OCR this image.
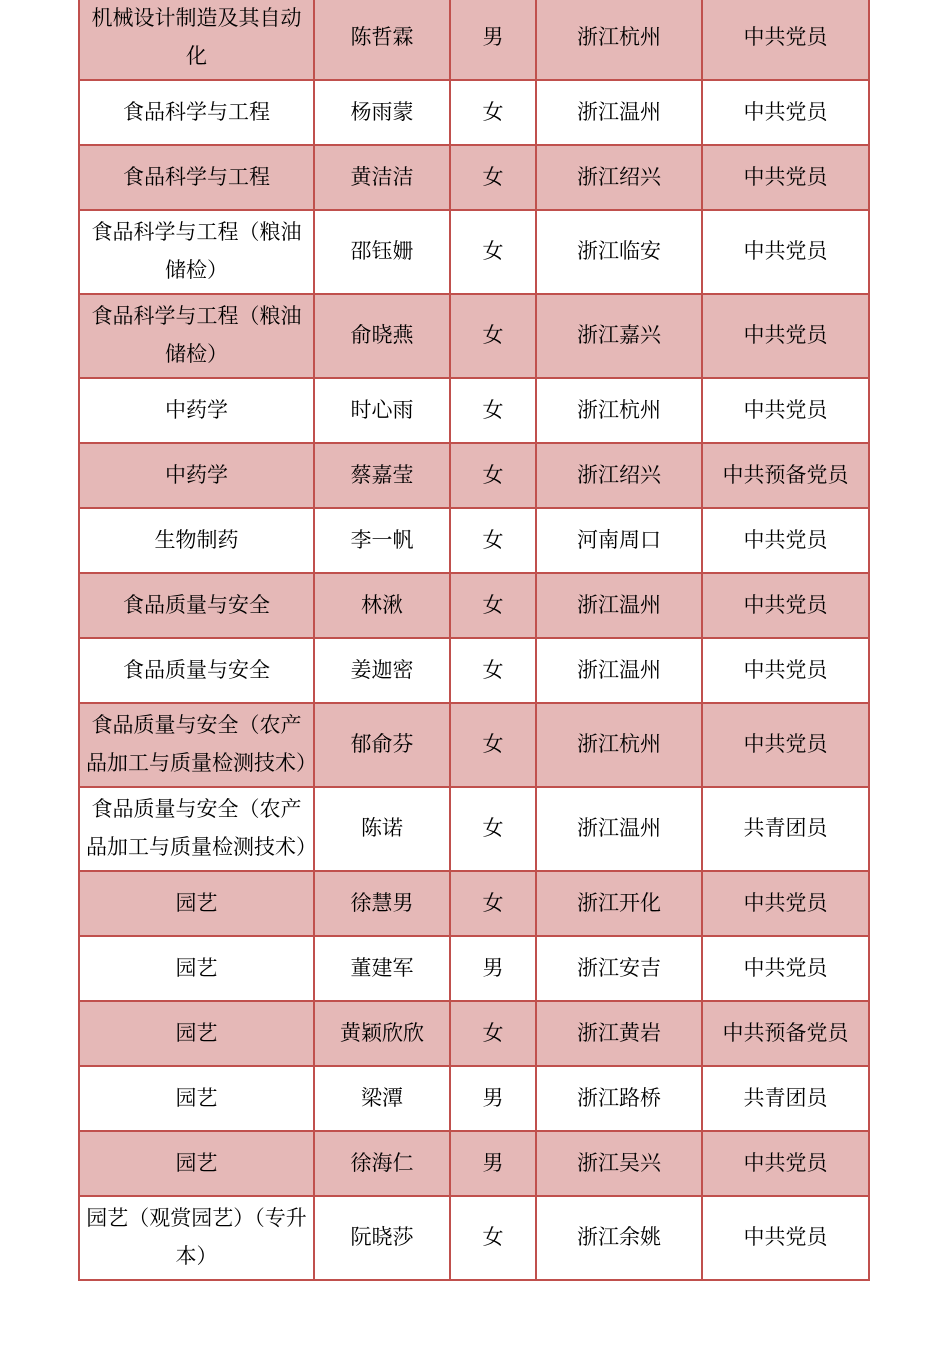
机械设计制造及其自动化	陈哲霖	男	浙江杭州	中共党员
食品科学与工程	杨雨蒙	女	浙江温州	中共党员
食品科学与工程	黄洁洁	女	浙江绍兴	中共党员
食品科学与工程（粮油储检）	邵钰姗	女	浙江临安	中共党员
食品科学与工程（粮油储检）	俞晓燕	女	浙江嘉兴	中共党员
中药学	时心雨	女	浙江杭州	中共党员
中药学	蔡嘉莹	女	浙江绍兴	中共预备党员
生物制药	李一帆	女	河南周口	中共党员
食品质量与安全	林湫	女	浙江温州	中共党员
食品质量与安全	姜迦密	女	浙江温州	中共党员
食品质量与安全（农产品加工与质量检测技术）	郁俞芬	女	浙江杭州	中共党员
食品质量与安全（农产品加工与质量检测技术）	陈诺	女	浙江温州	共青团员
园艺	徐慧男	女	浙江开化	中共党员
园艺	董建军	男	浙江安吉	中共党员
园艺	黄颖欣欣	女	浙江黄岩	中共预备党员
园艺	梁潭	男	浙江路桥	共青团员
园艺	徐海仁	男	浙江吴兴	中共党员
园艺（观赏园艺）（专升本）	阮晓莎	女	浙江余姚	中共党员
